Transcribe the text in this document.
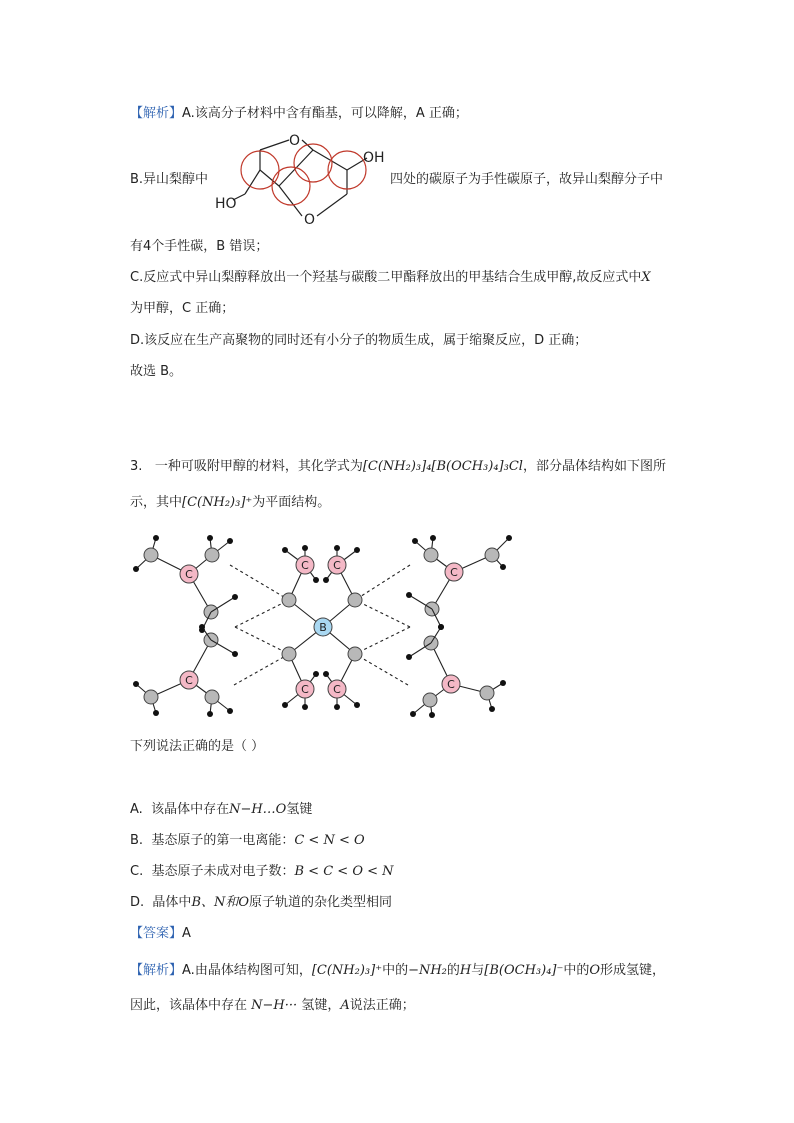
【解析】A.该高分子材料中含有酯基，可以降解，A 正确；
B.异山梨醇中
O
O
OH
HO
四处的碳原子为手性碳原子，故异山梨醇分子中
有4个手性碳，B 错误；
C.反应式中异山梨醇释放出一个羟基与碳酸二甲酯释放出的甲基结合生成甲醇,故反应式中X
为甲醇，C 正确；
D.该反应在生产高聚物的同时还有小分子的物质生成，属于缩聚反应，D 正确；
故选 B。
3. 一种可吸附甲醇的材料，其化学式为[C(NH₂)₃]₄[B(OCH₃)₄]₃Cl，部分晶体结构如下图所
示，其中[C(NH₂)₃]⁺为平面结构。
C
C
C
C
C C
C C
B
下列说法正确的是（ ）
A. 该晶体中存在N−H…O氢键
B. 基态原子的第一电离能：C < N < O
C. 基态原子未成对电子数：B < C < O < N
D. 晶体中B、N和O原子轨道的杂化类型相同
【答案】A
【解析】A.由晶体结构图可知，[C(NH₂)₃]⁺中的−NH₂的H与[B(OCH₃)₄]⁻中的O形成氢键，
因此，该晶体中存在 N−H··· 氢键，A说法正确；
